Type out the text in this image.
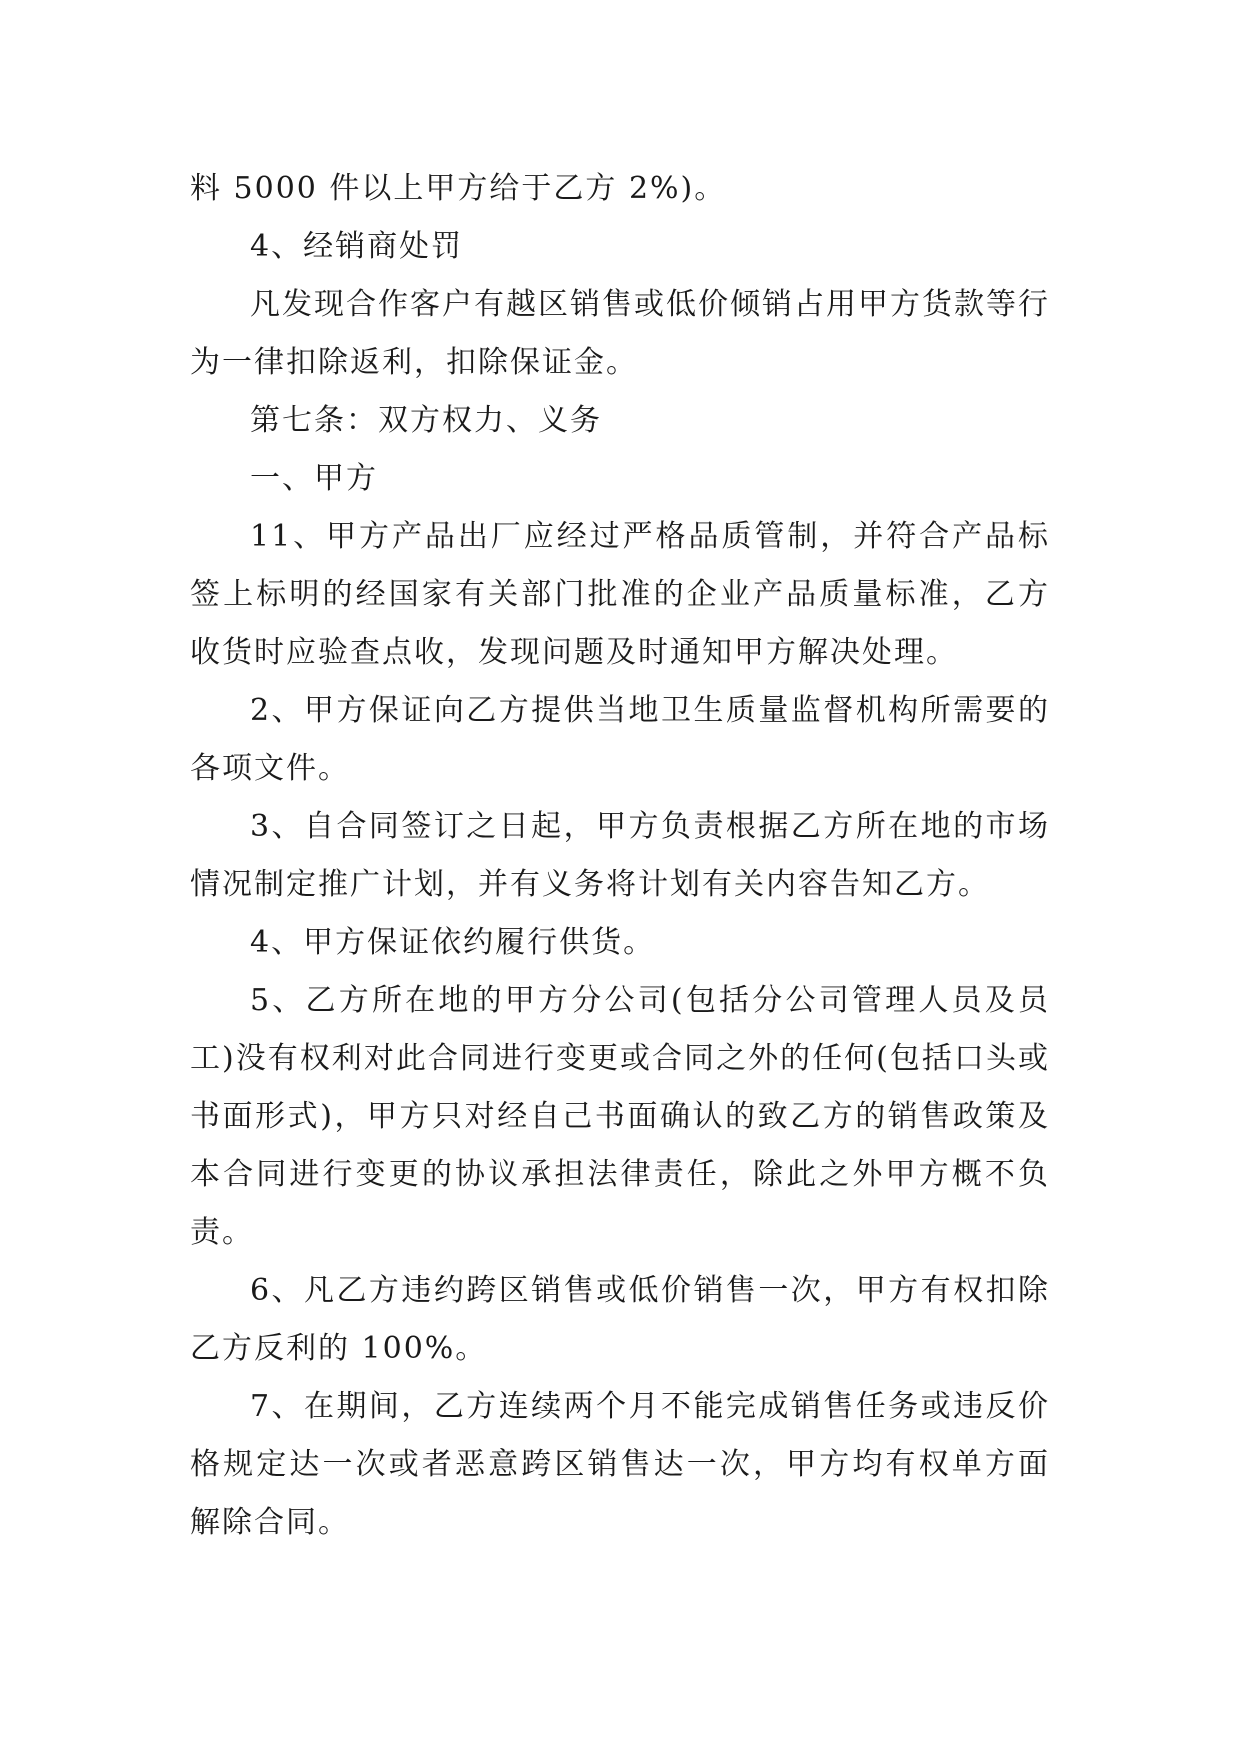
料 5000 件以上甲方给于乙方 2%)。

4、经销商处罚

凡发现合作客户有越区销售或低价倾销占用甲方货款等行为一律扣除返利，扣除保证金。

第七条：双方权力、义务

一、甲方

11、甲方产品出厂应经过严格品质管制，并符合产品标签上标明的经国家有关部门批准的企业产品质量标准，乙方收货时应验查点收，发现问题及时通知甲方解决处理。

2、甲方保证向乙方提供当地卫生质量监督机构所需要的各项文件。

3、自合同签订之日起，甲方负责根据乙方所在地的市场情况制定推广计划，并有义务将计划有关内容告知乙方。

4、甲方保证依约履行供货。

5、乙方所在地的甲方分公司(包括分公司管理人员及员工)没有权利对此合同进行变更或合同之外的任何(包括口头或书面形式)，甲方只对经自己书面确认的致乙方的销售政策及本合同进行变更的协议承担法律责任，除此之外甲方概不负责。

6、凡乙方违约跨区销售或低价销售一次，甲方有权扣除乙方反利的 100%。

7、在期间，乙方连续两个月不能完成销售任务或违反价格规定达一次或者恶意跨区销售达一次，甲方均有权单方面解除合同。
